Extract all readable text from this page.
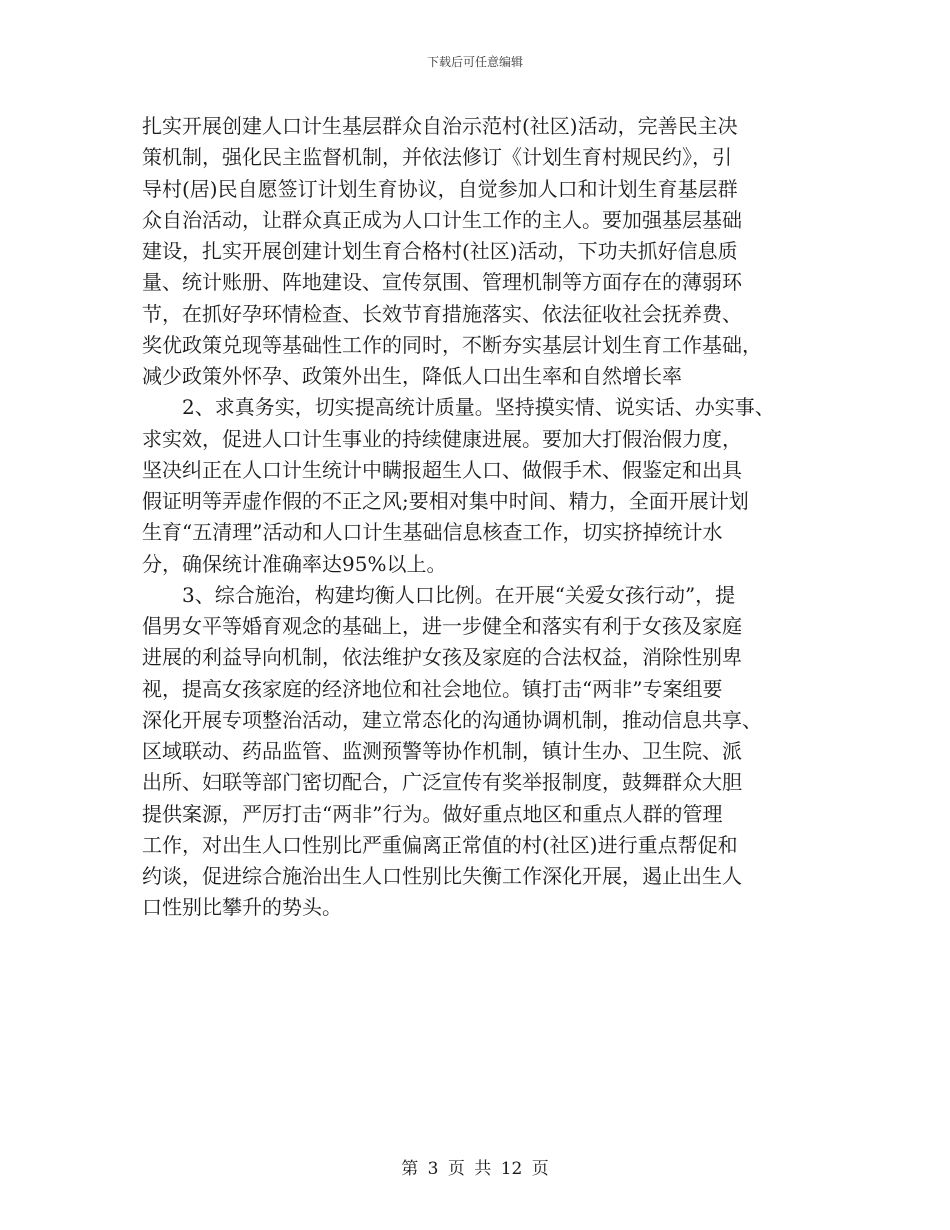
下载后可任意编辑
扎实开展创建人口计生基层群众自治示范村(社区)活动，完善民主决
策机制，强化民主监督机制，并依法修订《计划生育村规民约》，引
导村(居)民自愿签订计划生育协议，自觉参加人口和计划生育基层群
众自治活动，让群众真正成为人口计生工作的主人。要加强基层基础
建设，扎实开展创建计划生育合格村(社区)活动，下功夫抓好信息质
量、统计账册、阵地建设、宣传氛围、管理机制等方面存在的薄弱环
节，在抓好孕环情检查、长效节育措施落实、依法征收社会抚养费、
奖优政策兑现等基础性工作的同时，不断夯实基层计划生育工作基础，
减少政策外怀孕、政策外出生，降低人口出生率和自然增长率
2、求真务实，切实提高统计质量。坚持摸实情、说实话、办实事、
求实效，促进人口计生事业的持续健康进展。要加大打假治假力度，
坚决纠正在人口计生统计中瞒报超生人口、做假手术、假鉴定和出具
假证明等弄虚作假的不正之风;要相对集中时间、精力，全面开展计划
生育“五清理”活动和人口计生基础信息核查工作，切实挤掉统计水
分，确保统计准确率达95%以上。
3、综合施治，构建均衡人口比例。在开展“关爱女孩行动”，提
倡男女平等婚育观念的基础上，进一步健全和落实有利于女孩及家庭
进展的利益导向机制，依法维护女孩及家庭的合法权益，消除性别卑
视，提高女孩家庭的经济地位和社会地位。镇打击“两非”专案组要
深化开展专项整治活动，建立常态化的沟通协调机制，推动信息共享、
区域联动、药品监管、监测预警等协作机制，镇计生办、卫生院、派
出所、妇联等部门密切配合，广泛宣传有奖举报制度，鼓舞群众大胆
提供案源，严厉打击“两非”行为。做好重点地区和重点人群的管理
工作，对出生人口性别比严重偏离正常值的村(社区)进行重点帮促和
约谈，促进综合施治出生人口性别比失衡工作深化开展，遏止出生人
口性别比攀升的势头。
第 3 页 共 12 页
